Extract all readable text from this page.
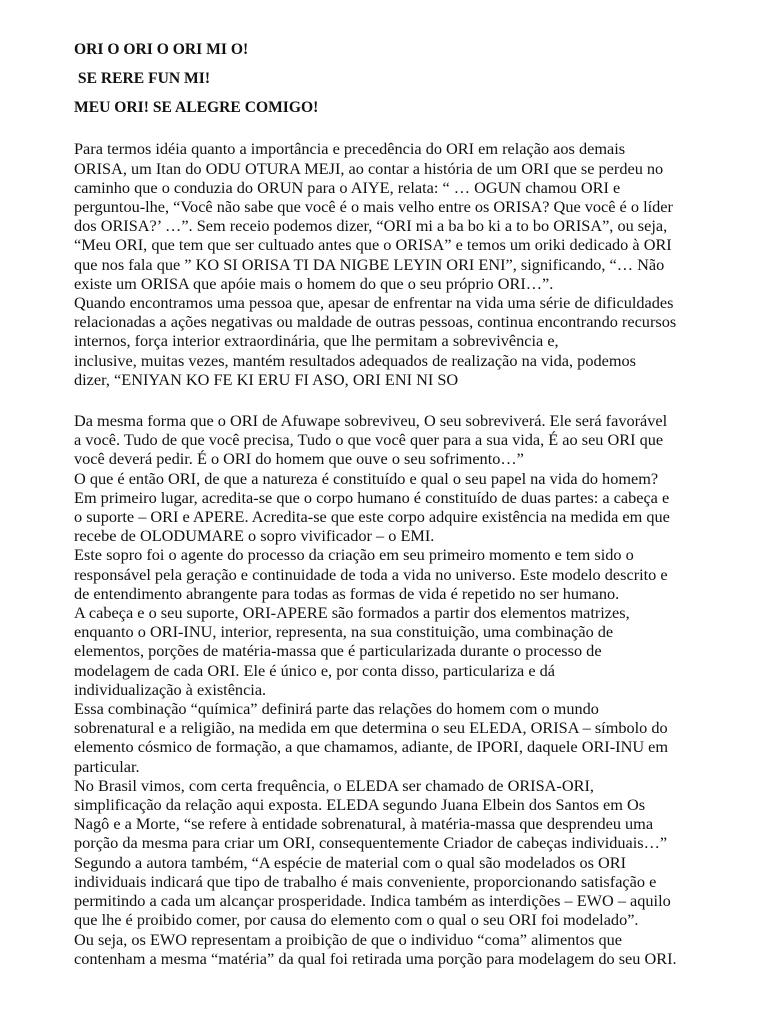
ORI O ORI O ORI MI O!
SE RERE FUN MI!
MEU ORI! SE ALEGRE COMIGO!

Para termos idéia quanto a importância e precedência do ORI em relação aos demais
ORISA, um Itan do ODU OTURA MEJI, ao contar a história de um ORI que se perdeu no
caminho que o conduzia do ORUN para o AIYE, relata: “ … OGUN chamou ORI e
perguntou-lhe, “Você não sabe que você é o mais velho entre os ORISA? Que você é o líder
dos ORISA?’ …”. Sem receio podemos dizer, “ORI mi a ba bo ki a to bo ORISA”, ou seja,
“Meu ORI, que tem que ser cultuado antes que o ORISA” e temos um oriki dedicado à ORI
que nos fala que ” KO SI ORISA TI DA NIGBE LEYIN ORI ENI”, significando, “… Não
existe um ORISA que apóie mais o homem do que o seu próprio ORI…”.
Quando encontramos uma pessoa que, apesar de enfrentar na vida uma série de dificuldades
relacionadas a ações negativas ou maldade de outras pessoas, continua encontrando recursos
internos, força interior extraordinária, que lhe permitam a sobrevivência e,
inclusive, muitas vezes, mantém resultados adequados de realização na vida, podemos
dizer, “ENIYAN KO FE KI ERU FI ASO, ORI ENI NI SO

Da mesma forma que o ORI de Afuwape sobreviveu, O seu sobreviverá. Ele será favorável
a você. Tudo de que você precisa, Tudo o que você quer para a sua vida, É ao seu ORI que
você deverá pedir. É o ORI do homem que ouve o seu sofrimento…”
O que é então ORI, de que a natureza é constituído e qual o seu papel na vida do homem?
Em primeiro lugar, acredita-se que o corpo humano é constituído de duas partes: a cabeça e
o suporte – ORI e APERE. Acredita-se que este corpo adquire existência na medida em que
recebe de OLODUMARE o sopro vivificador – o EMI.
Este sopro foi o agente do processo da criação em seu primeiro momento e tem sido o
responsável pela geração e continuidade de toda a vida no universo. Este modelo descrito e
de entendimento abrangente para todas as formas de vida é repetido no ser humano.
A cabeça e o seu suporte, ORI-APERE são formados a partir dos elementos matrizes,
enquanto o ORI-INU, interior, representa, na sua constituição, uma combinação de
elementos, porções de matéria-massa que é particularizada durante o processo de
modelagem de cada ORI. Ele é único e, por conta disso, particulariza e dá
individualização à existência.
Essa combinação “química” definirá parte das relações do homem com o mundo
sobrenatural e a religião, na medida em que determina o seu ELEDA, ORISA – símbolo do
elemento cósmico de formação, a que chamamos, adiante, de IPORI, daquele ORI-INU em
particular.
No Brasil vimos, com certa frequência, o ELEDA ser chamado de ORISA-ORI,
simplificação da relação aqui exposta. ELEDA segundo Juana Elbein dos Santos em Os
Nagô e a Morte, “se refere à entidade sobrenatural, à matéria-massa que desprendeu uma
porção da mesma para criar um ORI, consequentemente Criador de cabeças individuais…”
Segundo a autora também, “A espécie de material com o qual são modelados os ORI
individuais indicará que tipo de trabalho é mais conveniente, proporcionando satisfação e
permitindo a cada um alcançar prosperidade. Indica também as interdições – EWO – aquilo
que lhe é proibido comer, por causa do elemento com o qual o seu ORI foi modelado”.
Ou seja, os EWO representam a proibição de que o individuo “coma” alimentos que
contenham a mesma “matéria” da qual foi retirada uma porção para modelagem do seu ORI.
